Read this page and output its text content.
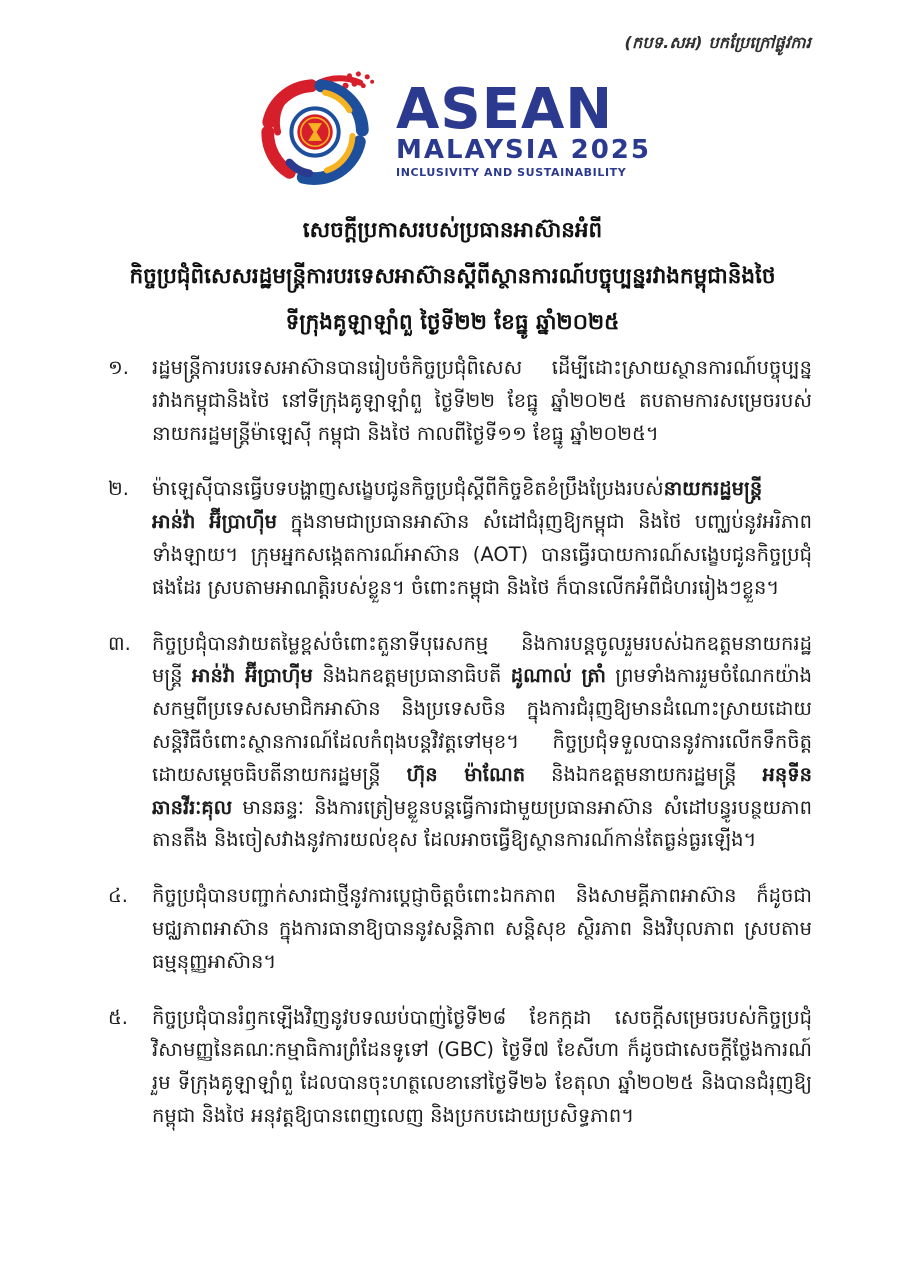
(កបទ.សអ) បកប្រែក្រៅផ្លូវការ
ASEAN
MALAYSIA 2025
INCLUSIVITY AND SUSTAINABILITY
សេចក្ដីប្រកាសរបស់ប្រធានអាស៊ានអំពី
កិច្ចប្រជុំពិសេសរដ្ឋមន្ត្រីការបរទេសអាស៊ានស្ដីពីស្ថានការណ៍បច្ចុប្បន្នរវាងកម្ពុជានិងថៃ
ទីក្រុងគូឡាឡាំពួ ថ្ងៃទី២២ ខែធ្នូ ឆ្នាំ២០២៥
១.	រដ្ឋមន្ត្រីការបរទេសអាស៊ានបានរៀបចំកិច្ចប្រជុំពិសេស ដើម្បីដោះស្រាយស្ថានការណ៍បច្ចុប្បន្ន រវាងកម្ពុជានិងថៃ នៅទីក្រុងគូឡាឡាំពួ ថ្ងៃទី២២ ខែធ្នូ ឆ្នាំ២០២៥ តបតាមការសម្រេចរបស់នាយករដ្ឋមន្ត្រីម៉ាឡេស៊ី កម្ពុជា និងថៃ កាលពីថ្ងៃទី១១ ខែធ្នូ ឆ្នាំ២០២៥។
២.	ម៉ាឡេស៊ីបានធ្វើបទបង្ហាញសង្ខេបជូនកិច្ចប្រជុំស្ដីពីកិច្ចខិតខំប្រឹងប្រែងរបស់នាយករដ្ឋមន្ត្រី អាន់វ៉ា អ៊ីប្រាហ៊ីម ក្នុងនាមជាប្រធានអាស៊ាន សំដៅជំរុញឱ្យកម្ពុជា និងថៃ បញ្ឈប់នូវអរិភាពទាំងឡាយ។ ក្រុមអ្នកសង្កេតការណ៍អាស៊ាន (AOT) បានធ្វើរបាយការណ៍សង្ខេបជូនកិច្ចប្រជុំផងដែរ ស្របតាមអាណត្តិរបស់ខ្លួន។ ចំពោះកម្ពុជា និងថៃ ក៏បានលើកអំពីជំហររៀងៗខ្លួន។
៣.	កិច្ចប្រជុំបានវាយតម្លៃខ្ពស់ចំពោះតួនាទីបុរេសកម្ម និងការបន្តចូលរួមរបស់ឯកឧត្តមនាយករដ្ឋមន្ត្រី អាន់វ៉ា អ៊ីប្រាហ៊ីម និងឯកឧត្តមប្រធានាធិបតី ដូណាល់ ត្រាំ ព្រមទាំងការរួមចំណែកយ៉ាងសកម្មពីប្រទេសសមាជិកអាស៊ាន និងប្រទេសចិន ក្នុងការជំរុញឱ្យមានដំណោះស្រាយដោយសន្តិវិធីចំពោះស្ថានការណ៍ដែលកំពុងបន្តវិវត្តទៅមុខ។ កិច្ចប្រជុំទទួលបាននូវការលើកទឹកចិត្ត ដោយសម្ដេចធិបតីនាយករដ្ឋមន្ត្រី ហ៊ុន ម៉ាណែត និងឯកឧត្តមនាយករដ្ឋមន្ត្រី អនុទីន ឆានវីរៈគុល មានឆន្ទៈ និងការត្រៀមខ្លួនបន្តធ្វើការជាមួយប្រធានអាស៊ាន សំដៅបន្ធូរបន្ថយភាពតានតឹង និងចៀសវាងនូវការយល់ខុស ដែលអាចធ្វើឱ្យស្ថានការណ៍កាន់តែធ្ងន់ធ្ងរឡើង។
៤.	កិច្ចប្រជុំបានបញ្ជាក់សារជាថ្មីនូវការប្ដេជ្ញាចិត្តចំពោះឯកភាព និងសាមគ្គីភាពអាស៊ាន ក៏ដូចជាមជ្ឈភាពអាស៊ាន ក្នុងការធានាឱ្យបាននូវសន្តិភាព សន្តិសុខ ស្ថិរភាព និងវិបុលភាព ស្របតាមធម្មនុញ្ញអាស៊ាន។
៥.	កិច្ចប្រជុំបានរំឭកឡើងវិញនូវបទឈប់បាញ់ថ្ងៃទី២៨ ខែកក្កដា សេចក្ដីសម្រេចរបស់កិច្ចប្រជុំវិសាមញ្ញនៃគណៈកម្មាធិការព្រំដែនទូទៅ (GBC) ថ្ងៃទី៧ ខែសីហា ក៏ដូចជាសេចក្ដីថ្លែងការណ៍រួម ទីក្រុងគូឡាឡាំពួ ដែលបានចុះហត្ថលេខានៅថ្ងៃទី២៦ ខែតុលា ឆ្នាំ២០២៥ និងបានជំរុញឱ្យកម្ពុជា និងថៃ អនុវត្តឱ្យបានពេញលេញ និងប្រកបដោយប្រសិទ្ធភាព។
